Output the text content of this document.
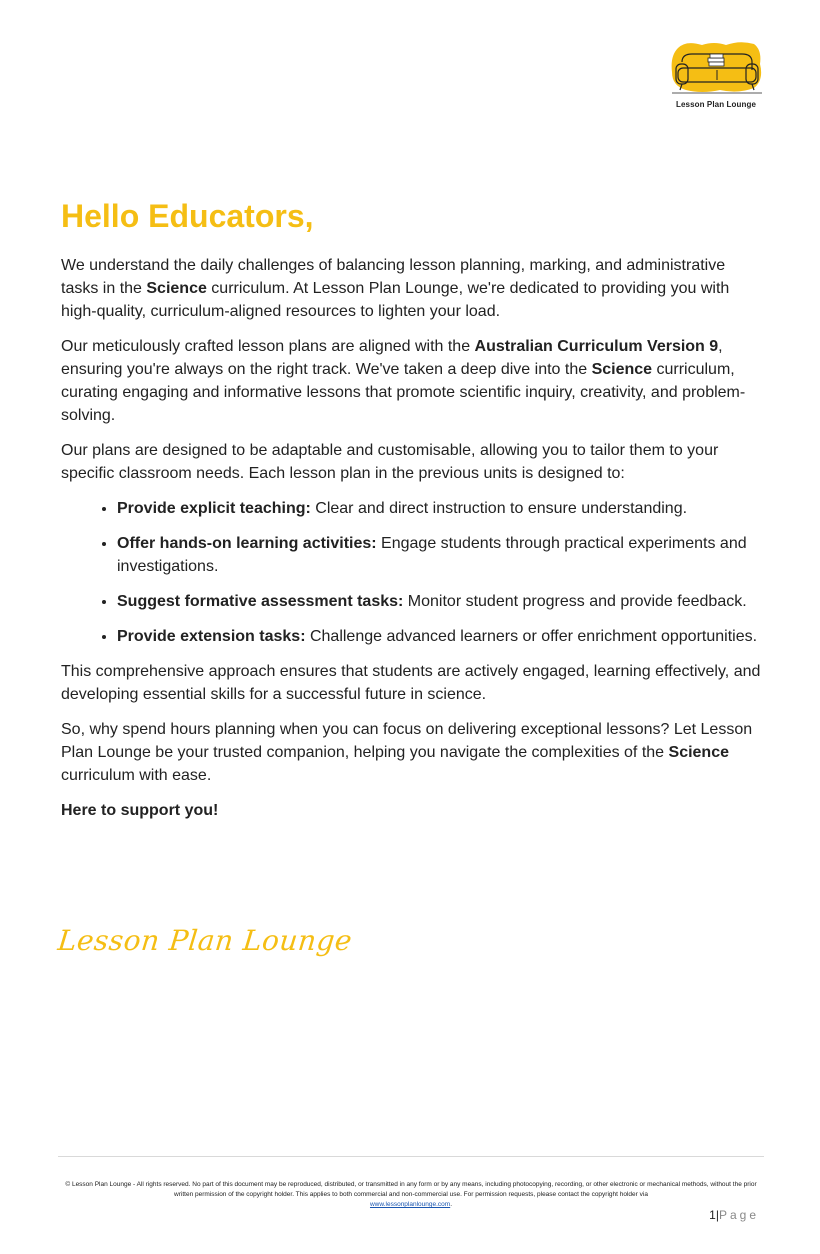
Lesson Plan Lounge
Hello Educators,

We understand the daily challenges of balancing lesson planning, marking, and administrative tasks in the Science curriculum. At Lesson Plan Lounge, we're dedicated to providing you with high-quality, curriculum-aligned resources to lighten your load.

Our meticulously crafted lesson plans are aligned with the Australian Curriculum Version 9, ensuring you're always on the right track. We've taken a deep dive into the Science curriculum, curating engaging and informative lessons that promote scientific inquiry, creativity, and problem-solving.

Our plans are designed to be adaptable and customisable, allowing you to tailor them to your specific classroom needs. Each lesson plan in the previous units is designed to:

• Provide explicit teaching: Clear and direct instruction to ensure understanding.
• Offer hands-on learning activities: Engage students through practical experiments and investigations.
• Suggest formative assessment tasks: Monitor student progress and provide feedback.
• Provide extension tasks: Challenge advanced learners or offer enrichment opportunities.

This comprehensive approach ensures that students are actively engaged, learning effectively, and developing essential skills for a successful future in science.

So, why spend hours planning when you can focus on delivering exceptional lessons? Let Lesson Plan Lounge be your trusted companion, helping you navigate the complexities of the Science curriculum with ease.

Here to support you!

Lesson Plan Lounge
© Lesson Plan Lounge - All rights reserved. No part of this document may be reproduced, distributed, or transmitted in any form or by any means, including photocopying, recording, or other electronic or mechanical methods, without the prior written permission of the copyright holder. This applies to both commercial and non-commercial use. For permission requests, please contact the copyright holder via
www.lessonplanlounge.com.
1|Page
